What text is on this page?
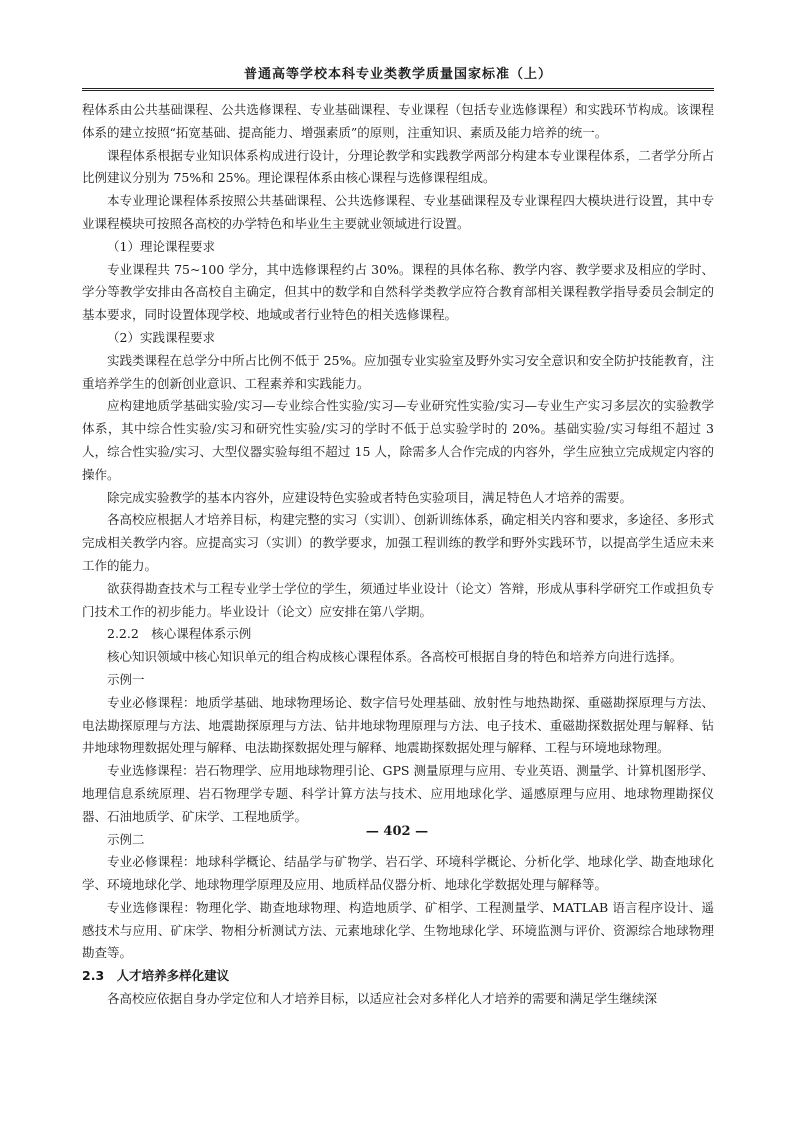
普通高等学校本科专业类教学质量国家标准（上）

程体系由公共基础课程、公共选修课程、专业基础课程、专业课程（包括专业选修课程）和实践环节构成。该课程体系的建立按照“拓宽基础、提高能力、增强素质”的原则，注重知识、素质及能力培养的统一。

课程体系根据专业知识体系构成进行设计，分理论教学和实践教学两部分构建本专业课程体系，二者学分所占比例建议分别为 75%和 25%。理论课程体系由核心课程与选修课程组成。

本专业理论课程体系按照公共基础课程、公共选修课程、专业基础课程及专业课程四大模块进行设置，其中专业课程模块可按照各高校的办学特色和毕业生主要就业领域进行设置。

（1）理论课程要求

专业课程共 75~100 学分，其中选修课程约占 30%。课程的具体名称、教学内容、教学要求及相应的学时、学分等教学安排由各高校自主确定，但其中的数学和自然科学类教学应符合教育部相关课程教学指导委员会制定的基本要求，同时设置体现学校、地域或者行业特色的相关选修课程。

（2）实践课程要求

实践类课程在总学分中所占比例不低于 25%。应加强专业实验室及野外实习安全意识和安全防护技能教育，注重培养学生的创新创业意识、工程素养和实践能力。

应构建地质学基础实验/实习—专业综合性实验/实习—专业研究性实验/实习—专业生产实习多层次的实验教学体系，其中综合性实验/实习和研究性实验/实习的学时不低于总实验学时的 20%。基础实验/实习每组不超过 3 人，综合性实验/实习、大型仪器实验每组不超过 15 人，除需多人合作完成的内容外，学生应独立完成规定内容的操作。

除完成实验教学的基本内容外，应建设特色实验或者特色实验项目，满足特色人才培养的需要。

各高校应根据人才培养目标，构建完整的实习（实训）、创新训练体系，确定相关内容和要求，多途径、多形式完成相关教学内容。应提高实习（实训）的教学要求，加强工程训练的教学和野外实践环节，以提高学生适应未来工作的能力。

欲获得勘查技术与工程专业学士学位的学生，须通过毕业设计（论文）答辩，形成从事科学研究工作或担负专门技术工作的初步能力。毕业设计（论文）应安排在第八学期。

2.2.2　核心课程体系示例

核心知识领域中核心知识单元的组合构成核心课程体系。各高校可根据自身的特色和培养方向进行选择。

示例一

专业必修课程：地质学基础、地球物理场论、数字信号处理基础、放射性与地热勘探、重磁勘探原理与方法、电法勘探原理与方法、地震勘探原理与方法、钻井地球物理原理与方法、电子技术、重磁勘探数据处理与解释、钻井地球物理数据处理与解释、电法勘探数据处理与解释、地震勘探数据处理与解释、工程与环境地球物理。

专业选修课程：岩石物理学、应用地球物理引论、GPS 测量原理与应用、专业英语、测量学、计算机图形学、地理信息系统原理、岩石物理学专题、科学计算方法与技术、应用地球化学、遥感原理与应用、地球物理勘探仪器、石油地质学、矿床学、工程地质学。

示例二

专业必修课程：地球科学概论、结晶学与矿物学、岩石学、环境科学概论、分析化学、地球化学、勘查地球化学、环境地球化学、地球物理学原理及应用、地质样品仪器分析、地球化学数据处理与解释等。

专业选修课程：物理化学、勘查地球物理、构造地质学、矿相学、工程测量学、MATLAB 语言程序设计、遥感技术与应用、矿床学、物相分析测试方法、元素地球化学、生物地球化学、环境监测与评价、资源综合地球物理勘查等。

2.3　人才培养多样化建议

各高校应依据自身办学定位和人才培养目标，以适应社会对多样化人才培养的需要和满足学生继续深

— 402 —
